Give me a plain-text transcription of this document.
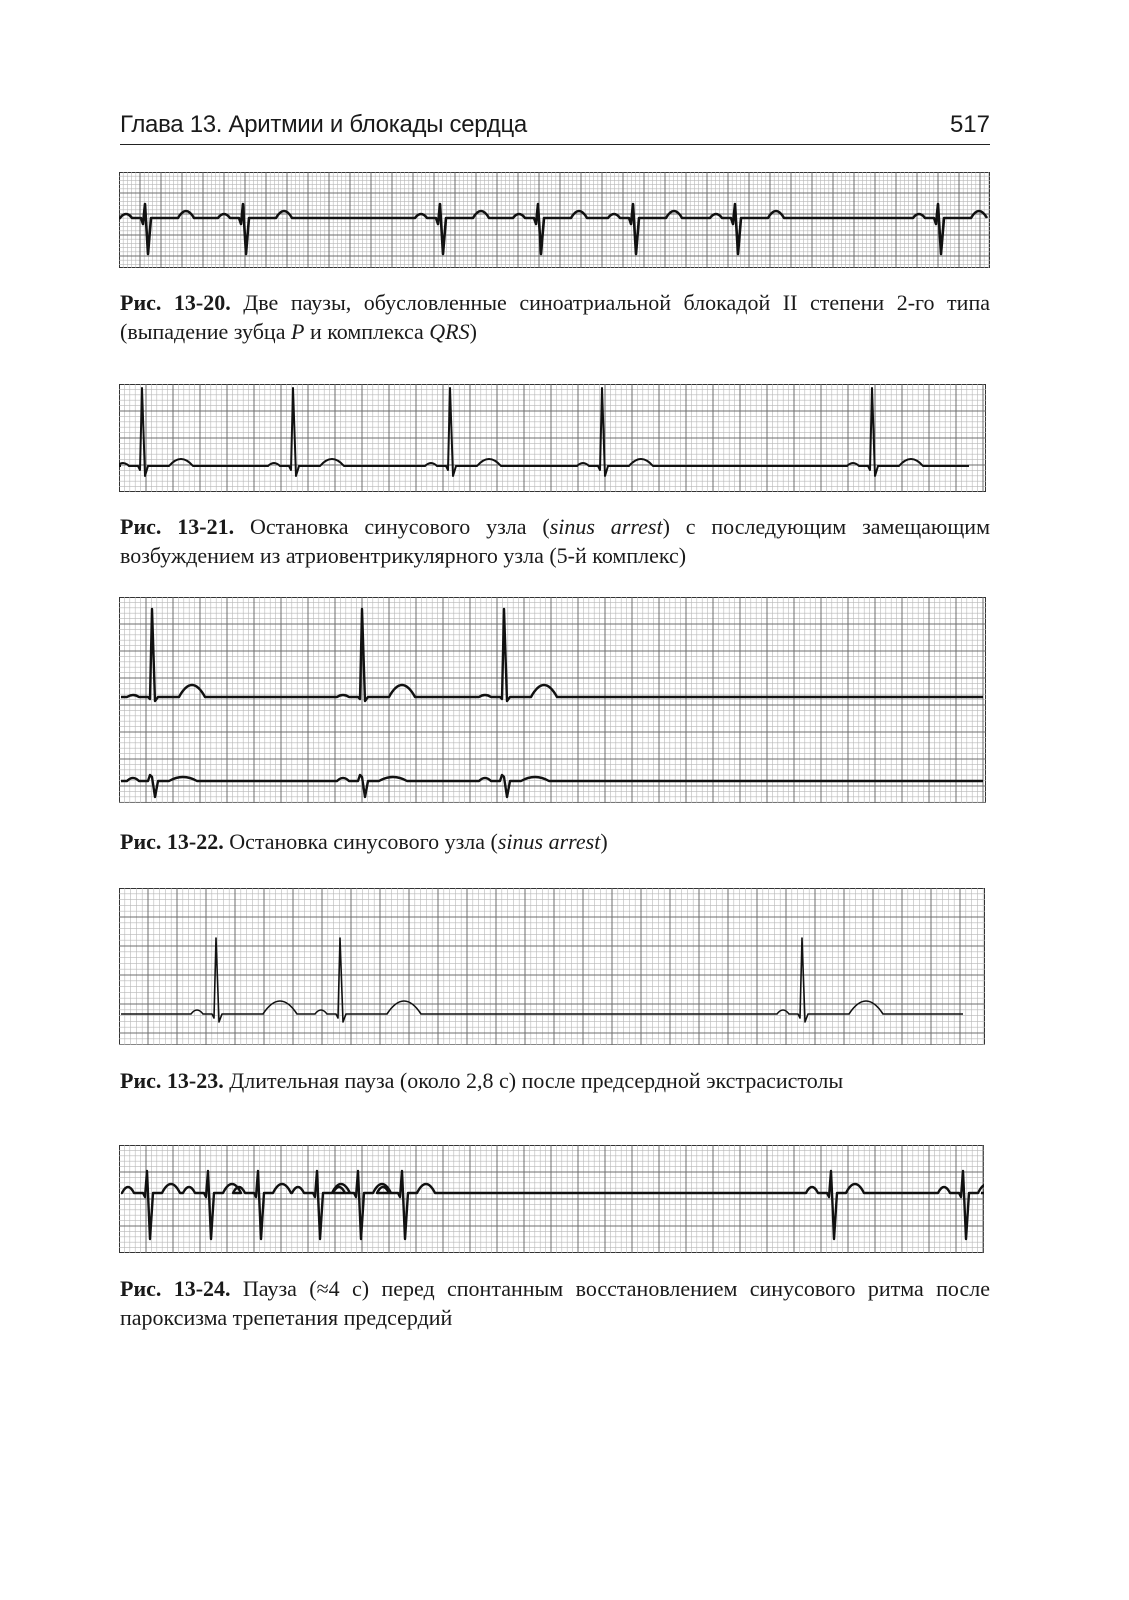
Глава 13. Аритмии и блокады сердца	517
Рис. 13-20. Две паузы, обусловленные синоатриальной блокадой II степени 2-го типа (выпадение зубца P и комплекса QRS)
Рис. 13-21. Остановка синусового узла (sinus arrest) с последующим замещающим возбуждением из атриовентрикулярного узла (5-й комплекс)
Рис. 13-22. Остановка синусового узла (sinus arrest)
Рис. 13-23. Длительная пауза (около 2,8 с) после предсердной экстрасистолы
Рис. 13-24. Пауза (≈4 с) перед спонтанным восстановлением синусового ритма после пароксизма трепетания предсердий
